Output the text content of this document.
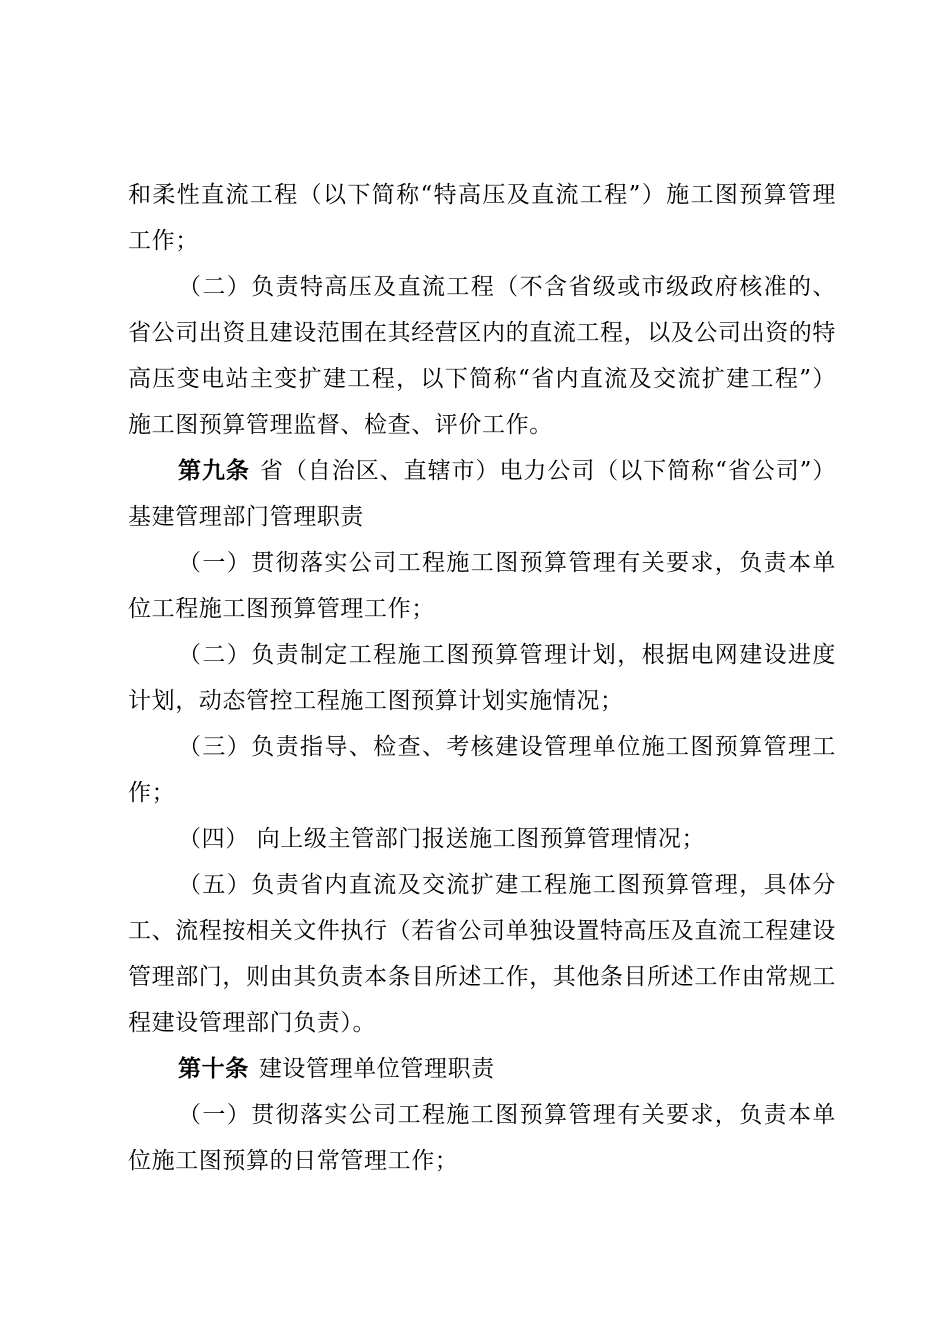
和柔性直流工程（以下简称“特高压及直流工程”）施工图预算管理工作；

（二）负责特高压及直流工程（不含省级或市级政府核准的、省公司出资且建设范围在其经营区内的直流工程，以及公司出资的特高压变电站主变扩建工程，以下简称“省内直流及交流扩建工程”） 施工图预算管理监督、检查、评价工作。

第九条 省（自治区、直辖市）电力公司（以下简称“省公司”）基建管理部门管理职责

（一）贯彻落实公司工程施工图预算管理有关要求，负责本单位工程施工图预算管理工作；

（二）负责制定工程施工图预算管理计划，根据电网建设进度计划，动态管控工程施工图预算计划实施情况；

（三）负责指导、检查、考核建设管理单位施工图预算管理工作；

（四） 向上级主管部门报送施工图预算管理情况；

（五）负责省内直流及交流扩建工程施工图预算管理，具体分工、流程按相关文件执行（若省公司单独设置特高压及直流工程建设管理部门，则由其负责本条目所述工作，其他条目所述工作由常规工程建设管理部门负责）。

第十条 建设管理单位管理职责

（一）贯彻落实公司工程施工图预算管理有关要求，负责本单位施工图预算的日常管理工作；
